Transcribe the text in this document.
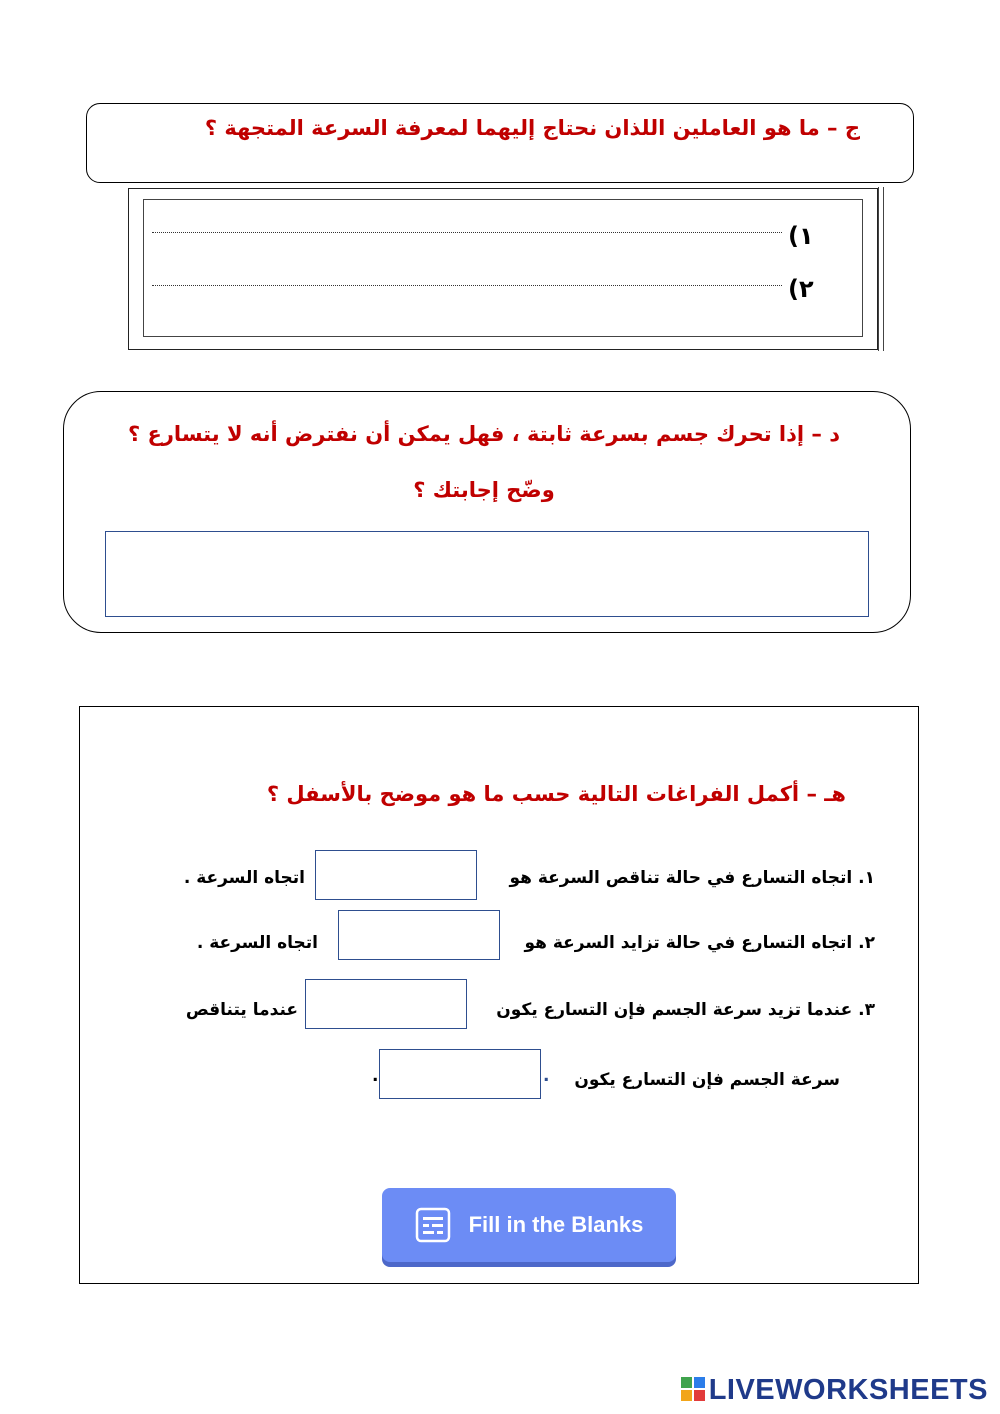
ج – ما هو العاملين اللذان نحتاج إليهما لمعرفة السرعة المتجهة ؟
١)
٢)
د – إذا تحرك جسم بسرعة ثابتة ، فهل يمكن أن نفترض أنه لا يتسارع ؟
وضّح إجابتك ؟
هـ – أكمل الفراغات التالية حسب ما هو موضح بالأسفل ؟
١. اتجاه التسارع في حالة تناقص السرعة هو
اتجاه السرعة .
٢. اتجاه التسارع في حالة تزايد السرعة هو
اتجاه السرعة .
٣. عندما تزيد سرعة الجسم فإن التسارع يكون
عندما يتناقص
سرعة الجسم فإن التسارع يكون
.
.
Fill in the Blanks
LIVEWORKSHEETS
